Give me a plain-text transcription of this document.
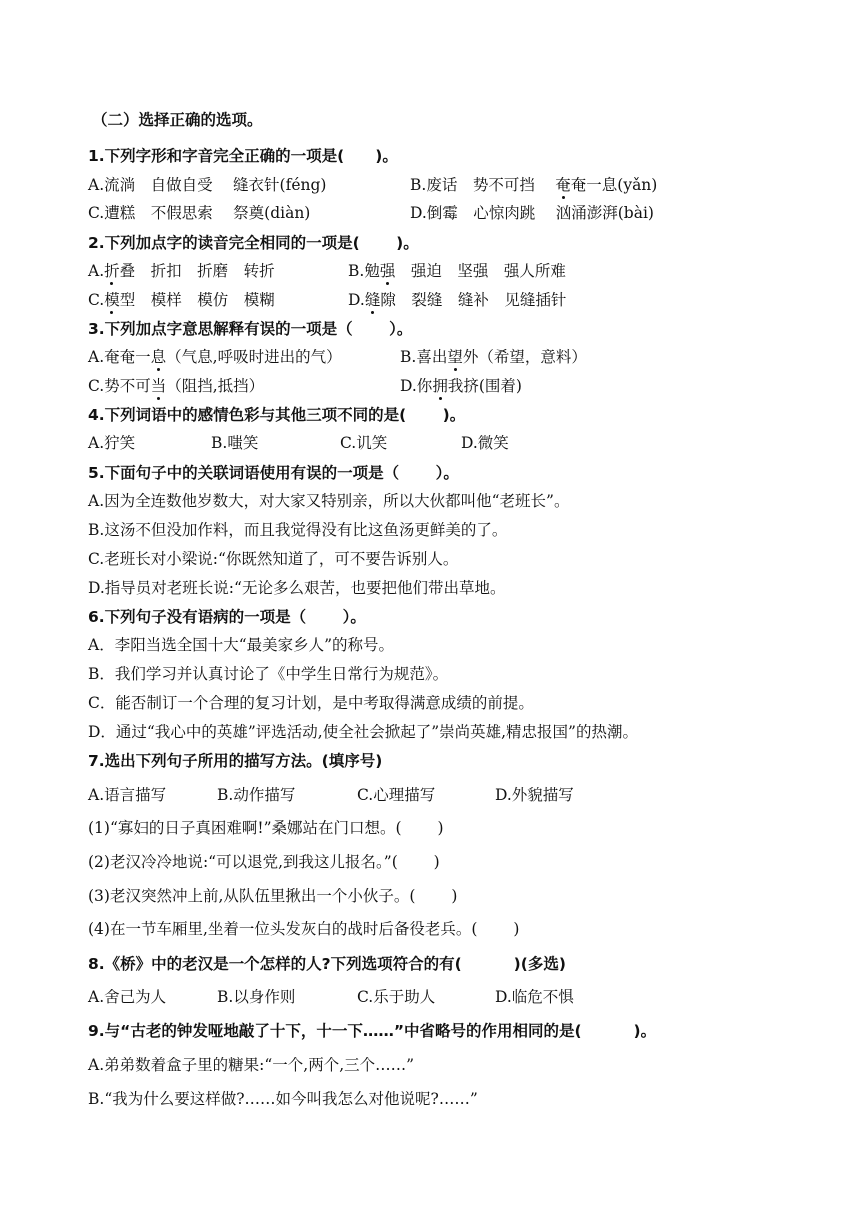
（二）选择正确的选项。
1.下列字形和字音完全正确的一项是(　　)。
A.流淌　自做自受　 缝衣针(féng)	B.废话　势不可挡　 奄奄一息(yǎn)
C.遭糕　不假思索　 祭奠(diàn)	D.倒霉　心惊肉跳　 汹涌澎湃(bài)
2.下列加点字的读音完全相同的一项是(　　 )。
A.折叠　折扣　折磨　转折	B.勉强　强迫　坚强　强人所难
C.模型　模样　模仿　模糊	D.缝隙　裂缝　缝补　见缝插针
3.下列加点字意思解释有误的一项是（　　 ）。
A.奄奄一息（气息,呼吸时进出的气）	B.喜出望外（希望，意料）
C.势不可当（阻挡,抵挡）	D.你拥我挤(围着)
4.下列词语中的感情色彩与其他三项不同的是(　　 )。
A.狞笑	B.嗤笑	C.讥笑	D.微笑
5.下面句子中的关联词语使用有误的一项是（　　 ）。
A.因为全连数他岁数大，对大家又特别亲，所以大伙都叫他“老班长”。
B.这汤不但没加作料，而且我觉得没有比这鱼汤更鲜美的了。
C.老班长对小梁说:“你既然知道了，可不要告诉别人。
D.指导员对老班长说:“无论多么艰苦，也要把他们带出草地。
6.下列句子没有语病的一项是（　　 ）。
A．李阳当选全国十大“最美家乡人”的称号。
B．我们学习并认真讨论了《中学生日常行为规范》。
C．能否制订一个合理的复习计划，是中考取得满意成绩的前提。
D．通过“我心中的英雄”评选活动,使全社会掀起了”崇尚英雄,精忠报国”的热潮。
7.选出下列句子所用的描写方法。(填序号)
A.语言描写	B.动作描写	C.心理描写	D.外貌描写
(1)“寡妇的日子真困难啊!”桑娜站在门口想。(　　 )
(2)老汉冷冷地说:“可以退党,到我这儿报名。”(　　 )
(3)老汉突然冲上前,从队伍里揪出一个小伙子。(　　 )
(4)在一节车厢里,坐着一位头发灰白的战时后备役老兵。(　　 )
8.《桥》中的老汉是一个怎样的人?下列选项符合的有(　　　 )(多选)
A.舍己为人	B.以身作则	C.乐于助人	D.临危不惧
9.与“古老的钟发哑地敲了十下，十一下……”中省略号的作用相同的是(　　　 )。
A.弟弟数着盒子里的糖果:“一个,两个,三个……”
B.“我为什么要这样做?……如今叫我怎么对他说呢?……”
